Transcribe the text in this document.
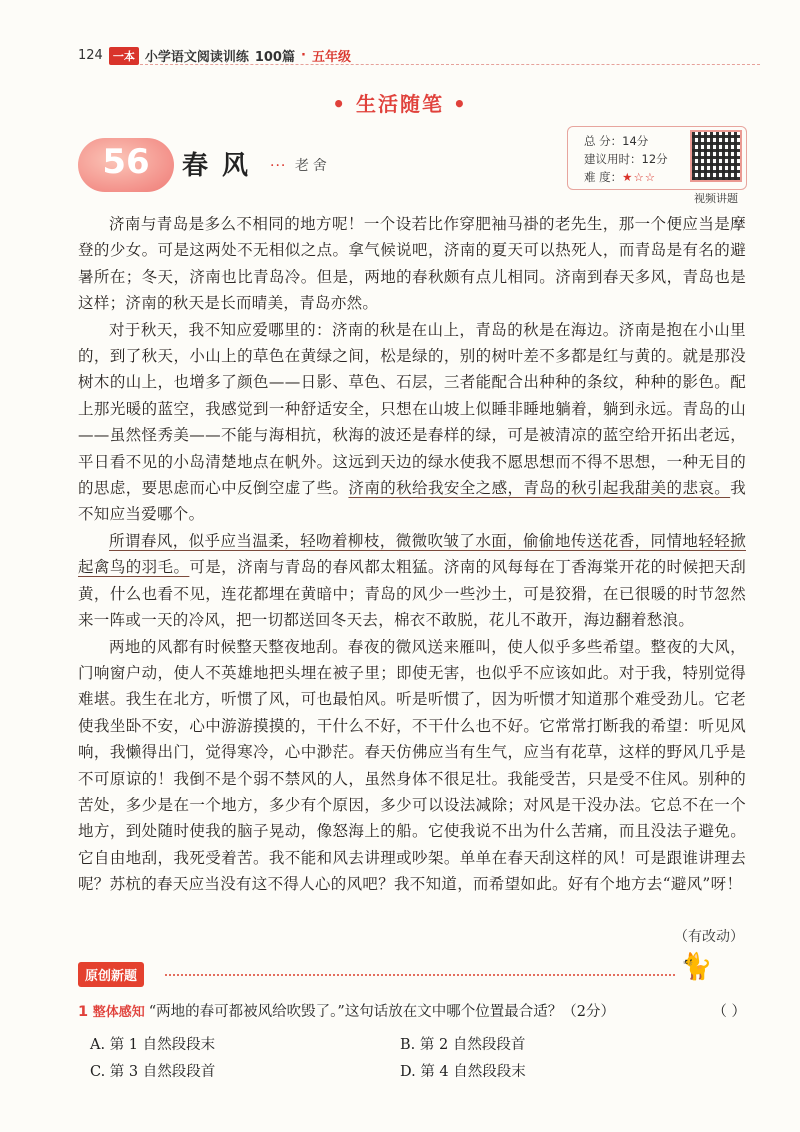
124 一本 小学语文阅读训练 100篇 · 五年级
• 生活随笔 •
56	春风 ··· 老舍
总 分：14分
建议用时：12分
难 度：★☆☆
视频讲题

济南与青岛是多么不相同的地方呢！一个设若比作穿肥袖马褂的老先生，那一个便应当是摩登的少女。可是这两处不无相似之点。拿气候说吧，济南的夏天可以热死人，而青岛是有名的避暑所在；冬天，济南也比青岛冷。但是，两地的春秋颇有点儿相同。济南到春天多风，青岛也是这样；济南的秋天是长而晴美，青岛亦然。

对于秋天，我不知应爱哪里的：济南的秋是在山上，青岛的秋是在海边。济南是抱在小山里的，到了秋天，小山上的草色在黄绿之间，松是绿的，别的树叶差不多都是红与黄的。就是那没树木的山上，也增多了颜色——日影、草色、石层，三者能配合出种种的条纹，种种的影色。配上那光暖的蓝空，我感觉到一种舒适安全，只想在山坡上似睡非睡地躺着，躺到永远。青岛的山——虽然怪秀美——不能与海相抗，秋海的波还是春样的绿，可是被清凉的蓝空给开拓出老远，平日看不见的小岛清楚地点在帆外。这远到天边的绿水使我不愿思想而不得不思想，一种无目的的思虑，要思虑而心中反倒空虚了些。济南的秋给我安全之感，青岛的秋引起我甜美的悲哀。我不知应当爱哪个。

所谓春风，似乎应当温柔，轻吻着柳枝，微微吹皱了水面，偷偷地传送花香，同情地轻轻掀起禽鸟的羽毛。可是，济南与青岛的春风都太粗猛。济南的风每每在丁香海棠开花的时候把天刮黄，什么也看不见，连花都埋在黄暗中；青岛的风少一些沙土，可是狡猾，在已很暖的时节忽然来一阵或一天的冷风，把一切都送回冬天去，棉衣不敢脱，花儿不敢开，海边翻着愁浪。

两地的风都有时候整天整夜地刮。春夜的微风送来雁叫，使人似乎多些希望。整夜的大风，门响窗户动，使人不英雄地把头埋在被子里；即使无害，也似乎不应该如此。对于我，特别觉得难堪。我生在北方，听惯了风，可也最怕风。听是听惯了，因为听惯才知道那个难受劲儿。它老使我坐卧不安，心中游游摸摸的，干什么不好，不干什么也不好。它常常打断我的希望：听见风响，我懒得出门，觉得寒冷，心中渺茫。春天仿佛应当有生气，应当有花草，这样的野风几乎是不可原谅的！我倒不是个弱不禁风的人，虽然身体不很足壮。我能受苦，只是受不住风。别种的苦处，多少是在一个地方，多少有个原因，多少可以设法减除；对风是干没办法。它总不在一个地方，到处随时使我的脑子晃动，像怒海上的船。它使我说不出为什么苦痛，而且没法子避免。它自由地刮，我死受着苦。我不能和风去讲理或吵架。单单在春天刮这样的风！可是跟谁讲理去呢？苏杭的春天应当没有这不得人心的风吧？我不知道，而希望如此。好有个地方去“避风”呀！

（有改动）
原创新题	🐈
1 整体感知 “两地的春可都被风给吹毁了。”这句话放在文中哪个位置最合适？（2分）	（ ）
A. 第 1 自然段段末	B. 第 2 自然段段首
C. 第 3 自然段段首	D. 第 4 自然段段末
